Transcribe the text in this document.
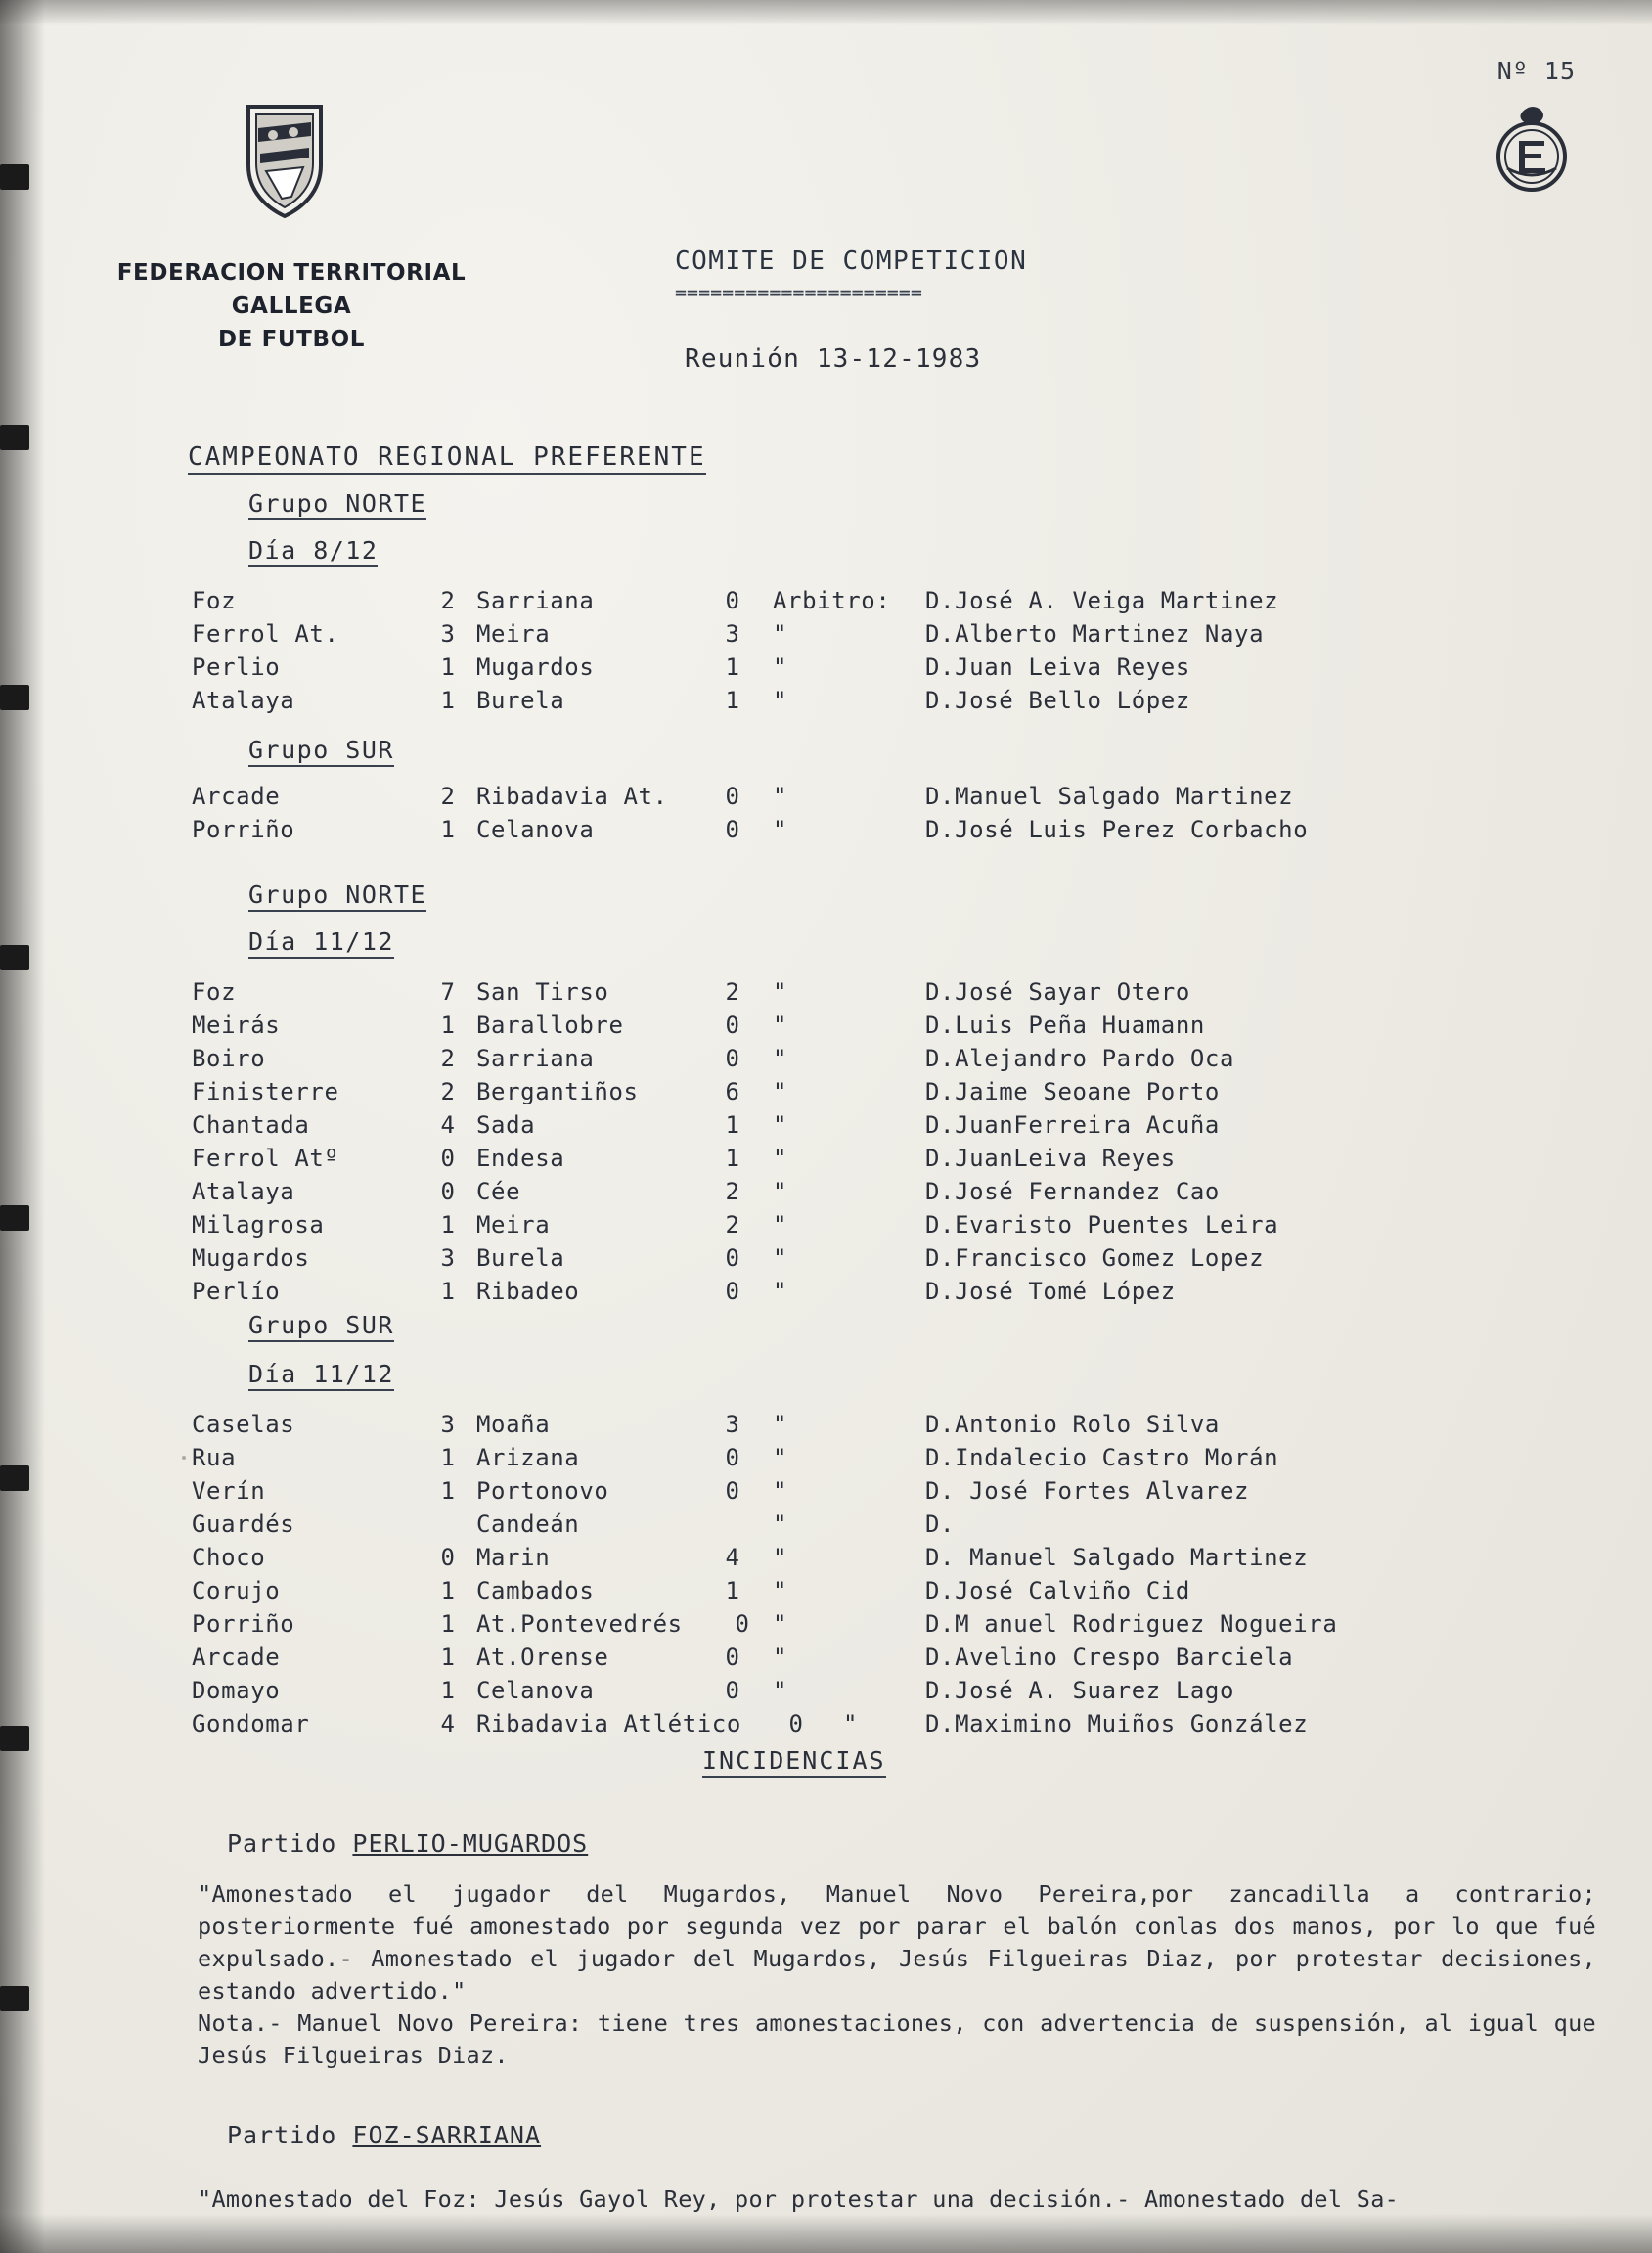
Nº 15
FEDERACION TERRITORIAL GALLEGA
DE FUTBOL
COMITE DE COMPETICION
=====================
Reunión 13-12-1983
CAMPEONATO REGIONAL PREFERENTE
Grupo NORTE
Día 8/12
Foz	2 Sarriana	0 Arbitro: D.José A. Veiga Martinez
Ferrol At.	3 Meira	3 "	D.Alberto Martinez Naya
Perlio	1 Mugardos	1 "	D.Juan Leiva Reyes
Atalaya	1 Burela	1 "	D.José Bello López
Grupo SUR
Arcade	2 Ribadavia At. 0 "	D.Manuel Salgado Martinez
Porriño	1 Celanova	0 "	D.José Luis Perez Corbacho
Grupo NORTE
Día 11/12
Foz	7 San Tirso	2 "	D.José Sayar Otero
Meirás	1 Barallobre	0 "	D.Luis Peña Huamann
Boiro	2 Sarriana	0 "	D.Alejandro Pardo Oca
Finisterre	2 Bergantiños	6 "	D.Jaime Seoane Porto
Chantada	4 Sada	1 "	D.JuanFerreira Acuña
Ferrol Atº	0 Endesa	1 "	D.JuanLeiva Reyes
Atalaya	0 Cée	2 "	D.José Fernandez Cao
Milagrosa	1 Meira	2 "	D.Evaristo Puentes Leira
Mugardos	3 Burela	0 "	D.Francisco Gomez Lopez
Perlío	1 Ribadeo	0 "	D.José Tomé López
Grupo SUR
Día 11/12
Caselas	3 Moaña	3 "	D.Antonio Rolo Silva
Rua	1 Arizana	0 "	D.Indalecio Castro Morán
Verín	1 Portonovo	0 "	D. José Fortes Alvarez
Guardés	Candeán	"	D.
Choco	0 Marin	4 "	D. Manuel Salgado Martinez
Corujo	1 Cambados	1 "	D.José Calviño Cid
Porriño	1 At.Pontevedrés 0 "	D.M anuel Rodriguez Nogueira
Arcade	1 At.Orense	0 "	D.Avelino Crespo Barciela
Domayo	1 Celanova	0 "	D.José A. Suarez Lago
Gondomar	4 Ribadavia Atlético 0 "	D.Maximino Muiños González
INCIDENCIAS
Partido PERLIO-MUGARDOS
"Amonestado el jugador del Mugardos, Manuel Novo Pereira,por zancadilla a contrario; posteriormente fué amonestado por segunda vez por parar el balón conlas dos manos, por lo que fué expulsado.- Amonestado el jugador del Mugardos, Jesús Filgueiras Diaz, por protestar decisiones, estando advertido."
Nota.- Manuel Novo Pereira: tiene tres amonestaciones, con advertencia de suspensión, al igual que Jesús Filgueiras Diaz.
Partido FOZ-SARRIANA
"Amonestado del Foz: Jesús Gayol Rey, por protestar una decisión.- Amonestado del Sa-
